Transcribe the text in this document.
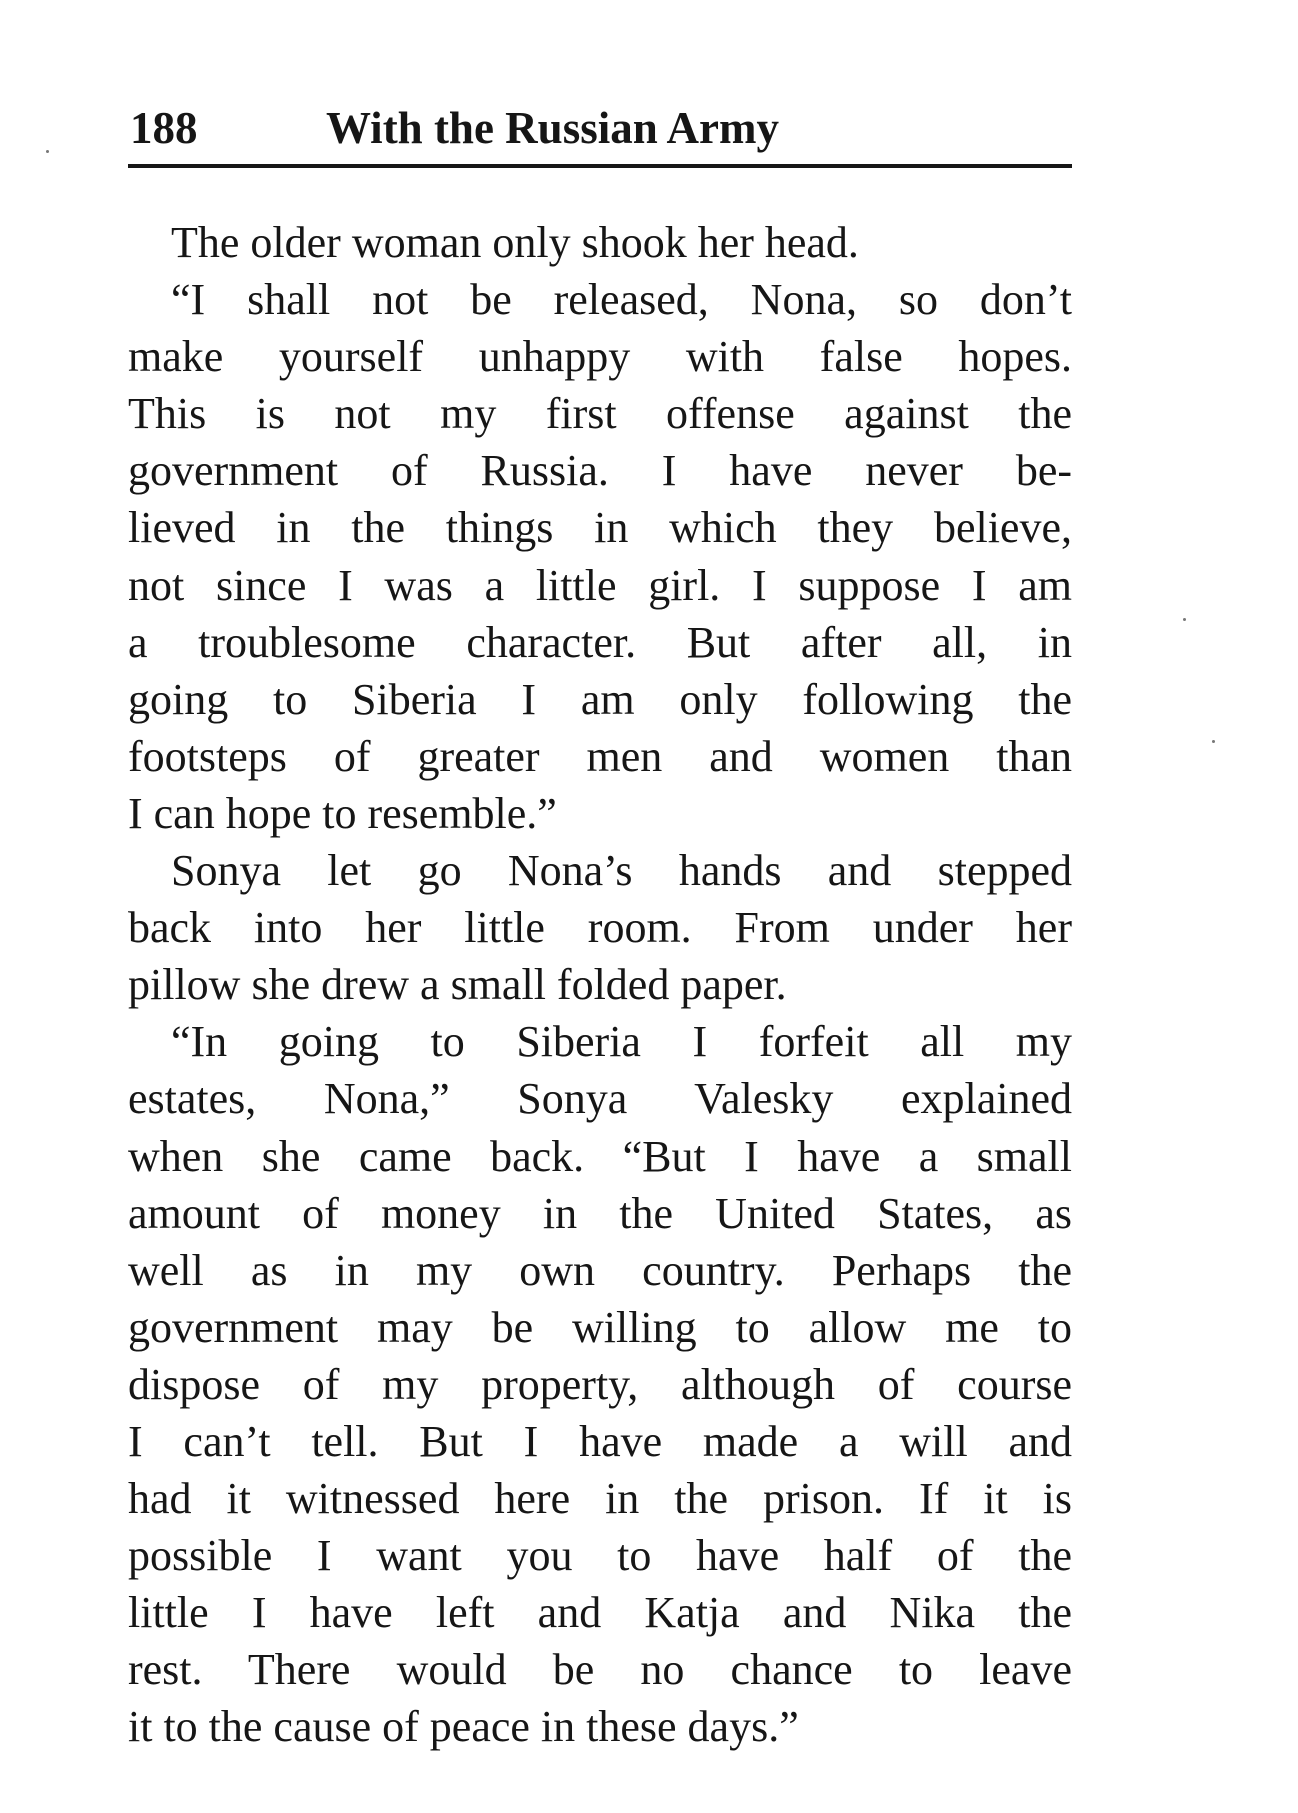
188	With the Russian Army
The older woman only shook her head.
“I shall not be released, Nona, so don’t
make yourself unhappy with false hopes.
This is not my first offense against the
government of Russia. I have never be-
lieved in the things in which they believe,
not since I was a little girl. I suppose I am
a troublesome character. But after all, in
going to Siberia I am only following the
footsteps of greater men and women than
I can hope to resemble.”
Sonya let go Nona’s hands and stepped
back into her little room. From under her
pillow she drew a small folded paper.
“In going to Siberia I forfeit all my
estates, Nona,” Sonya Valesky explained
when she came back. “But I have a small
amount of money in the United States, as
well as in my own country. Perhaps the
government may be willing to allow me to
dispose of my property, although of course
I can’t tell. But I have made a will and
had it witnessed here in the prison. If it is
possible I want you to have half of the
little I have left and Katja and Nika the
rest. There would be no chance to leave
it to the cause of peace in these days.”
